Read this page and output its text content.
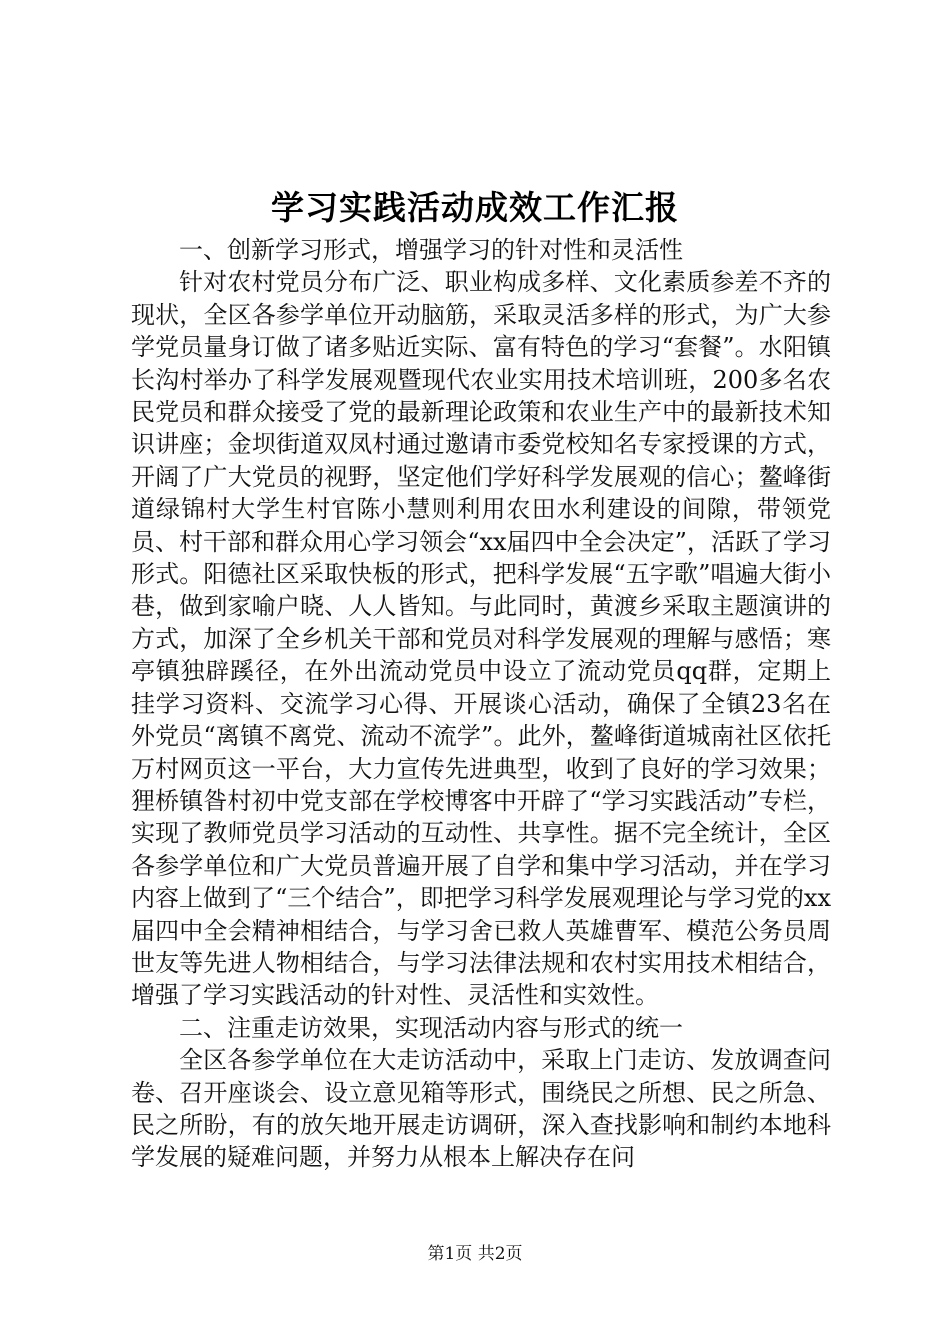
学习实践活动成效工作汇报

一、创新学习形式，增强学习的针对性和灵活性

针对农村党员分布广泛、职业构成多样、文化素质参差不齐的现状，全区各参学单位开动脑筋，采取灵活多样的形式，为广大参学党员量身订做了诸多贴近实际、富有特色的学习“套餐”。水阳镇长沟村举办了科学发展观暨现代农业实用技术培训班，200多名农民党员和群众接受了党的最新理论政策和农业生产中的最新技术知识讲座；金坝街道双凤村通过邀请市委党校知名专家授课的方式，开阔了广大党员的视野，坚定他们学好科学发展观的信心；鳌峰街道绿锦村大学生村官陈小慧则利用农田水利建设的间隙，带领党员、村干部和群众用心学习领会“xx届四中全会决定”，活跃了学习形式。阳德社区采取快板的形式，把科学发展“五字歌”唱遍大街小巷，做到家喻户晓、人人皆知。与此同时，黄渡乡采取主题演讲的方式，加深了全乡机关干部和党员对科学发展观的理解与感悟；寒亭镇独辟蹊径，在外出流动党员中设立了流动党员qq群，定期上挂学习资料、交流学习心得、开展谈心活动，确保了全镇23名在外党员“离镇不离党、流动不流学”。此外，鳌峰街道城南社区依托万村网页这一平台，大力宣传先进典型，收到了良好的学习效果；狸桥镇昝村初中党支部在学校博客中开辟了“学习实践活动”专栏，实现了教师党员学习活动的互动性、共享性。据不完全统计，全区各参学单位和广大党员普遍开展了自学和集中学习活动，并在学习内容上做到了“三个结合”，即把学习科学发展观理论与学习党的xx届四中全会精神相结合，与学习舍已救人英雄曹军、模范公务员周世友等先进人物相结合，与学习法律法规和农村实用技术相结合，增强了学习实践活动的针对性、灵活性和实效性。

二、注重走访效果，实现活动内容与形式的统一

全区各参学单位在大走访活动中，采取上门走访、发放调查问卷、召开座谈会、设立意见箱等形式，围绕民之所想、民之所急、民之所盼，有的放矢地开展走访调研，深入查找影响和制约本地科学发展的疑难问题，并努力从根本上解决存在问

第1页 共2页
